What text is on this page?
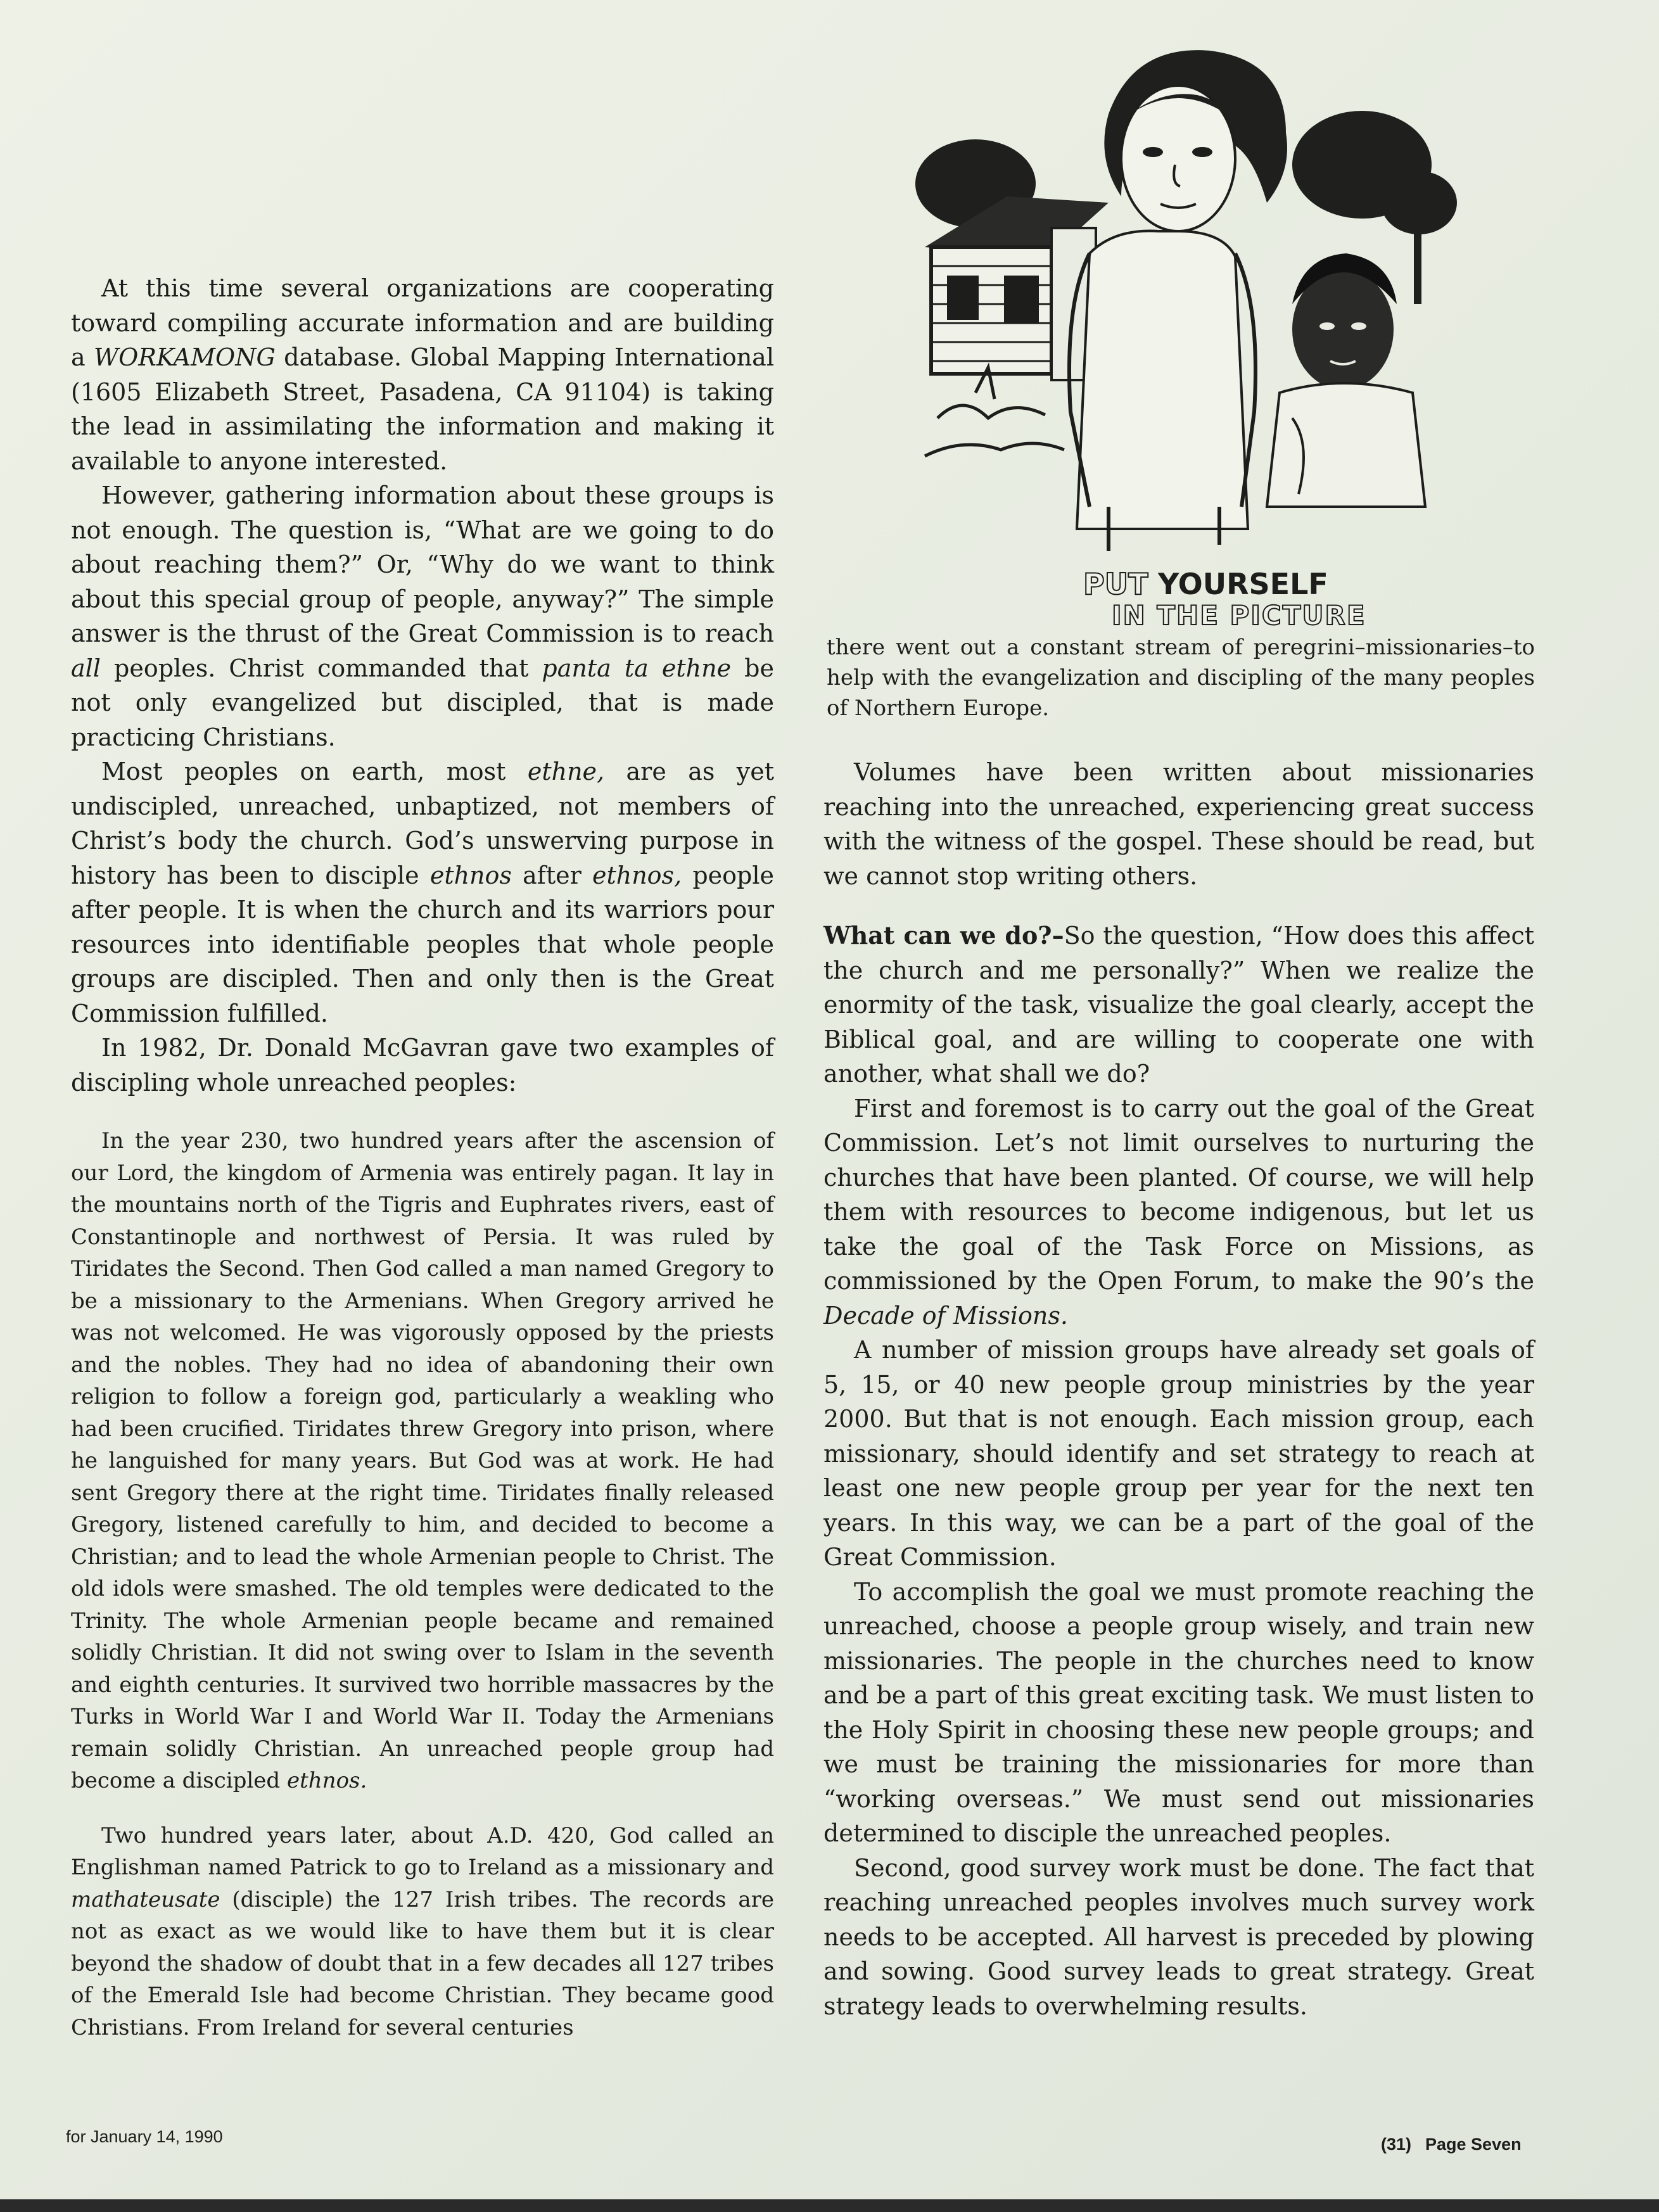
PUT YOURSELF
IN THE PICTURE

At this time several organizations are cooperating toward compiling accurate information and are building a WORKAMONG database. Global Mapping International (1605 Elizabeth Street, Pasadena, CA 91104) is taking the lead in assimilating the information and making it available to anyone interested.

However, gathering information about these groups is not enough. The question is, “What are we going to do about reaching them?” Or, “Why do we want to think about this special group of people, anyway?” The simple answer is the thrust of the Great Commission is to reach all peoples. Christ commanded that panta ta ethne be not only evangelized but discipled, that is made practicing Christians.

Most peoples on earth, most ethne, are as yet undiscipled, unreached, unbaptized, not members of Christ’s body the church. God’s unswerving purpose in history has been to disciple ethnos after ethnos, people after people. It is when the church and its warriors pour resources into identifiable peoples that whole people groups are discipled. Then and only then is the Great Commission fulfilled.

In 1982, Dr. Donald McGavran gave two examples of discipling whole unreached peoples:

In the year 230, two hundred years after the ascension of our Lord, the kingdom of Armenia was entirely pagan. It lay in the mountains north of the Tigris and Euphrates rivers, east of Constantinople and northwest of Persia. It was ruled by Tiridates the Second. Then God called a man named Gregory to be a missionary to the Armenians. When Gregory arrived he was not welcomed. He was vigorously opposed by the priests and the nobles. They had no idea of abandoning their own religion to follow a foreign god, particularly a weakling who had been crucified. Tiridates threw Gregory into prison, where he languished for many years. But God was at work. He had sent Gregory there at the right time. Tiridates finally released Gregory, listened carefully to him, and decided to become a Christian; and to lead the whole Armenian people to Christ. The old idols were smashed. The old temples were dedicated to the Trinity. The whole Armenian people became and remained solidly Christian. It did not swing over to Islam in the seventh and eighth centuries. It survived two horrible massacres by the Turks in World War I and World War II. Today the Armenians remain solidly Christian. An unreached people group had become a discipled ethnos.

Two hundred years later, about A.D. 420, God called an Englishman named Patrick to go to Ireland as a missionary and mathateusate (disciple) the 127 Irish tribes. The records are not as exact as we would like to have them but it is clear beyond the shadow of doubt that in a few decades all 127 tribes of the Emerald Isle had become Christian. They became good Christians. From Ireland for several centuries

there went out a constant stream of peregrini–missionaries–to help with the evangelization and discipling of the many peoples of Northern Europe.

Volumes have been written about missionaries reaching into the unreached, experiencing great success with the witness of the gospel. These should be read, but we cannot stop writing others.

What can we do?–So the question, “How does this affect the church and me personally?” When we realize the enormity of the task, visualize the goal clearly, accept the Biblical goal, and are willing to cooperate one with another, what shall we do?

First and foremost is to carry out the goal of the Great Commission. Let’s not limit ourselves to nurturing the churches that have been planted. Of course, we will help them with resources to become indigenous, but let us take the goal of the Task Force on Missions, as commissioned by the Open Forum, to make the 90’s the Decade of Missions.

A number of mission groups have already set goals of 5, 15, or 40 new people group ministries by the year 2000. But that is not enough. Each mission group, each missionary, should identify and set strategy to reach at least one new people group per year for the next ten years. In this way, we can be a part of the goal of the Great Commission.

To accomplish the goal we must promote reaching the unreached, choose a people group wisely, and train new missionaries. The people in the churches need to know and be a part of this great exciting task. We must listen to the Holy Spirit in choosing these new people groups; and we must be training the missionaries for more than “working overseas.” We must send out missionaries determined to disciple the unreached peoples.

Second, good survey work must be done. The fact that reaching unreached peoples involves much survey work needs to be accepted. All harvest is preceded by plowing and sowing. Good survey leads to great strategy. Great strategy leads to overwhelming results.

for January 14, 1990	(31) Page Seven
